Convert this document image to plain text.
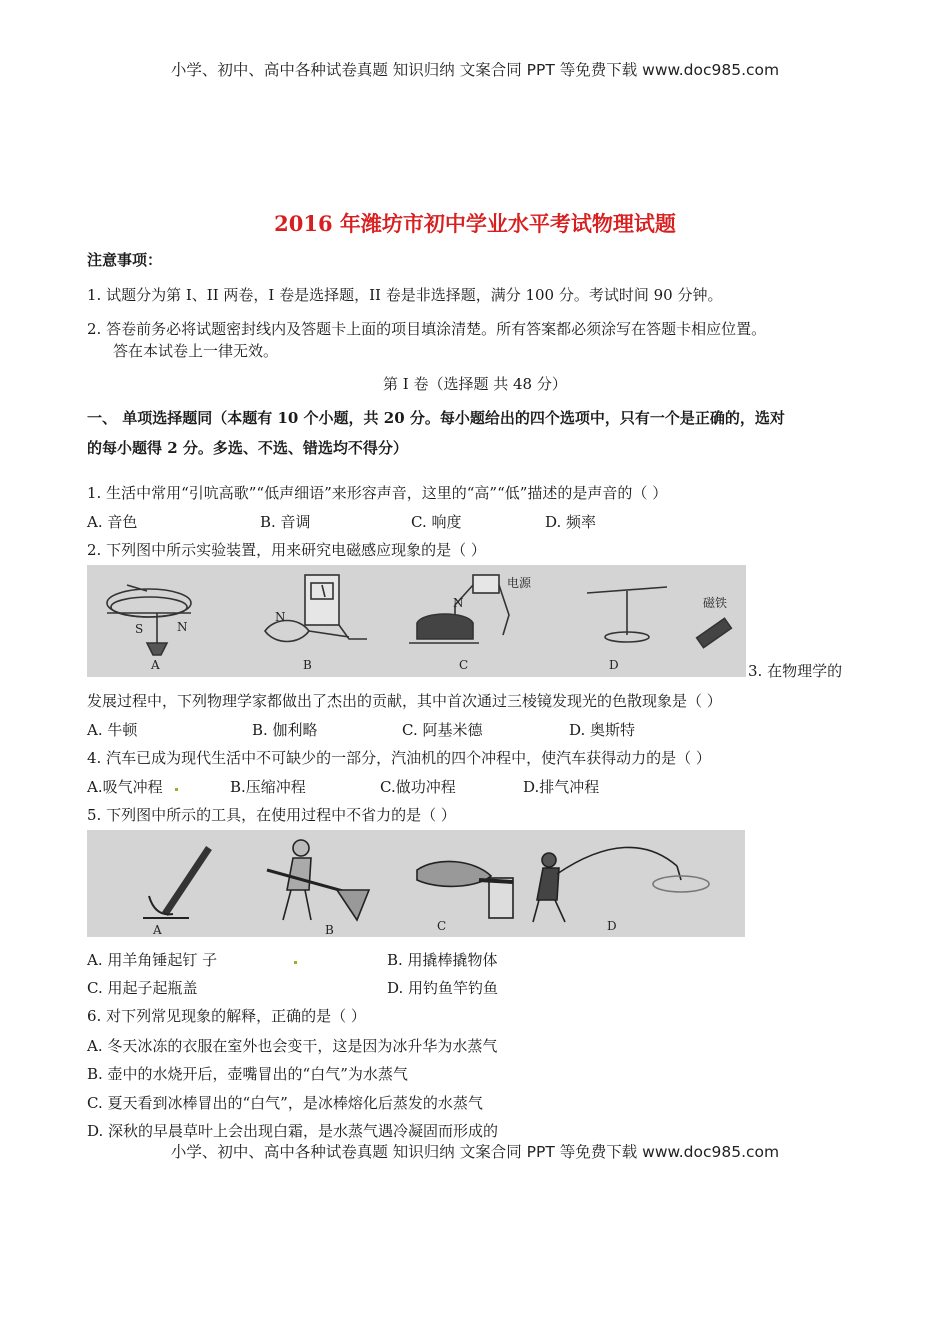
小学、初中、高中各种试卷真题 知识归纳 文案合同 PPT 等免费下载 www.doc985.com
小学、初中、高中各种试卷真题 知识归纳 文案合同 PPT 等免费下载 www.doc985.com
2016 年潍坊市初中学业水平考试物理试题
注意事项：
1. 试题分为第 I、II 两卷，I 卷是选择题，II 卷是非选择题，满分 100 分。考试时间 90 分钟。
2. 答卷前务必将试题密封线内及答题卡上面的项目填涂清楚。所有答案都必须涂写在答题卡相应位置。
答在本试卷上一律无效。
第 I 卷（选择题 共 48 分）
一、 单项选择题同（本题有 10 个小题，共 20 分。每小题给出的四个选项中，只有一个是正确的，选对
的每小题得 2 分。多选、不选、错选均不得分）
1. 生活中常用“引吭高歌”“低声细语”来形容声音，这里的“高”“低”描述的是声音的（ ）
A. 音色	B. 音调	C. 响度	D. 频率
2. 下列图中所示实验装置，用来研究电磁感应现象的是（ ）
S	N
A
N
B
N
电源
C
磁铁
D	3. 在物理学的
发展过程中，下列物理学家都做出了杰出的贡献，其中首次通过三棱镜发现光的色散现象是（ ）
A. 牛顿	B. 伽利略	C. 阿基米德	D. 奥斯特
4. 汽车已成为现代生活中不可缺少的一部分，汽油机的四个冲程中，使汽车获得动力的是（ ）
A.吸气冲程	B.压缩冲程	C.做功冲程	D.排气冲程
5. 下列图中所示的工具，在使用过程中不省力的是（ ）
A	B	C	D
A. 用羊角锤起钉 子	B. 用撬棒撬物体
C. 用起子起瓶盖	D. 用钓鱼竿钓鱼
6. 对下列常见现象的解释，正确的是（ ）
A. 冬天冰冻的衣服在室外也会变干，这是因为冰升华为水蒸气
B. 壶中的水烧开后，壶嘴冒出的“白气”为水蒸气
C. 夏天看到冰棒冒出的“白气”，是冰棒熔化后蒸发的水蒸气
D. 深秋的早晨草叶上会出现白霜，是水蒸气遇冷凝固而形成的
